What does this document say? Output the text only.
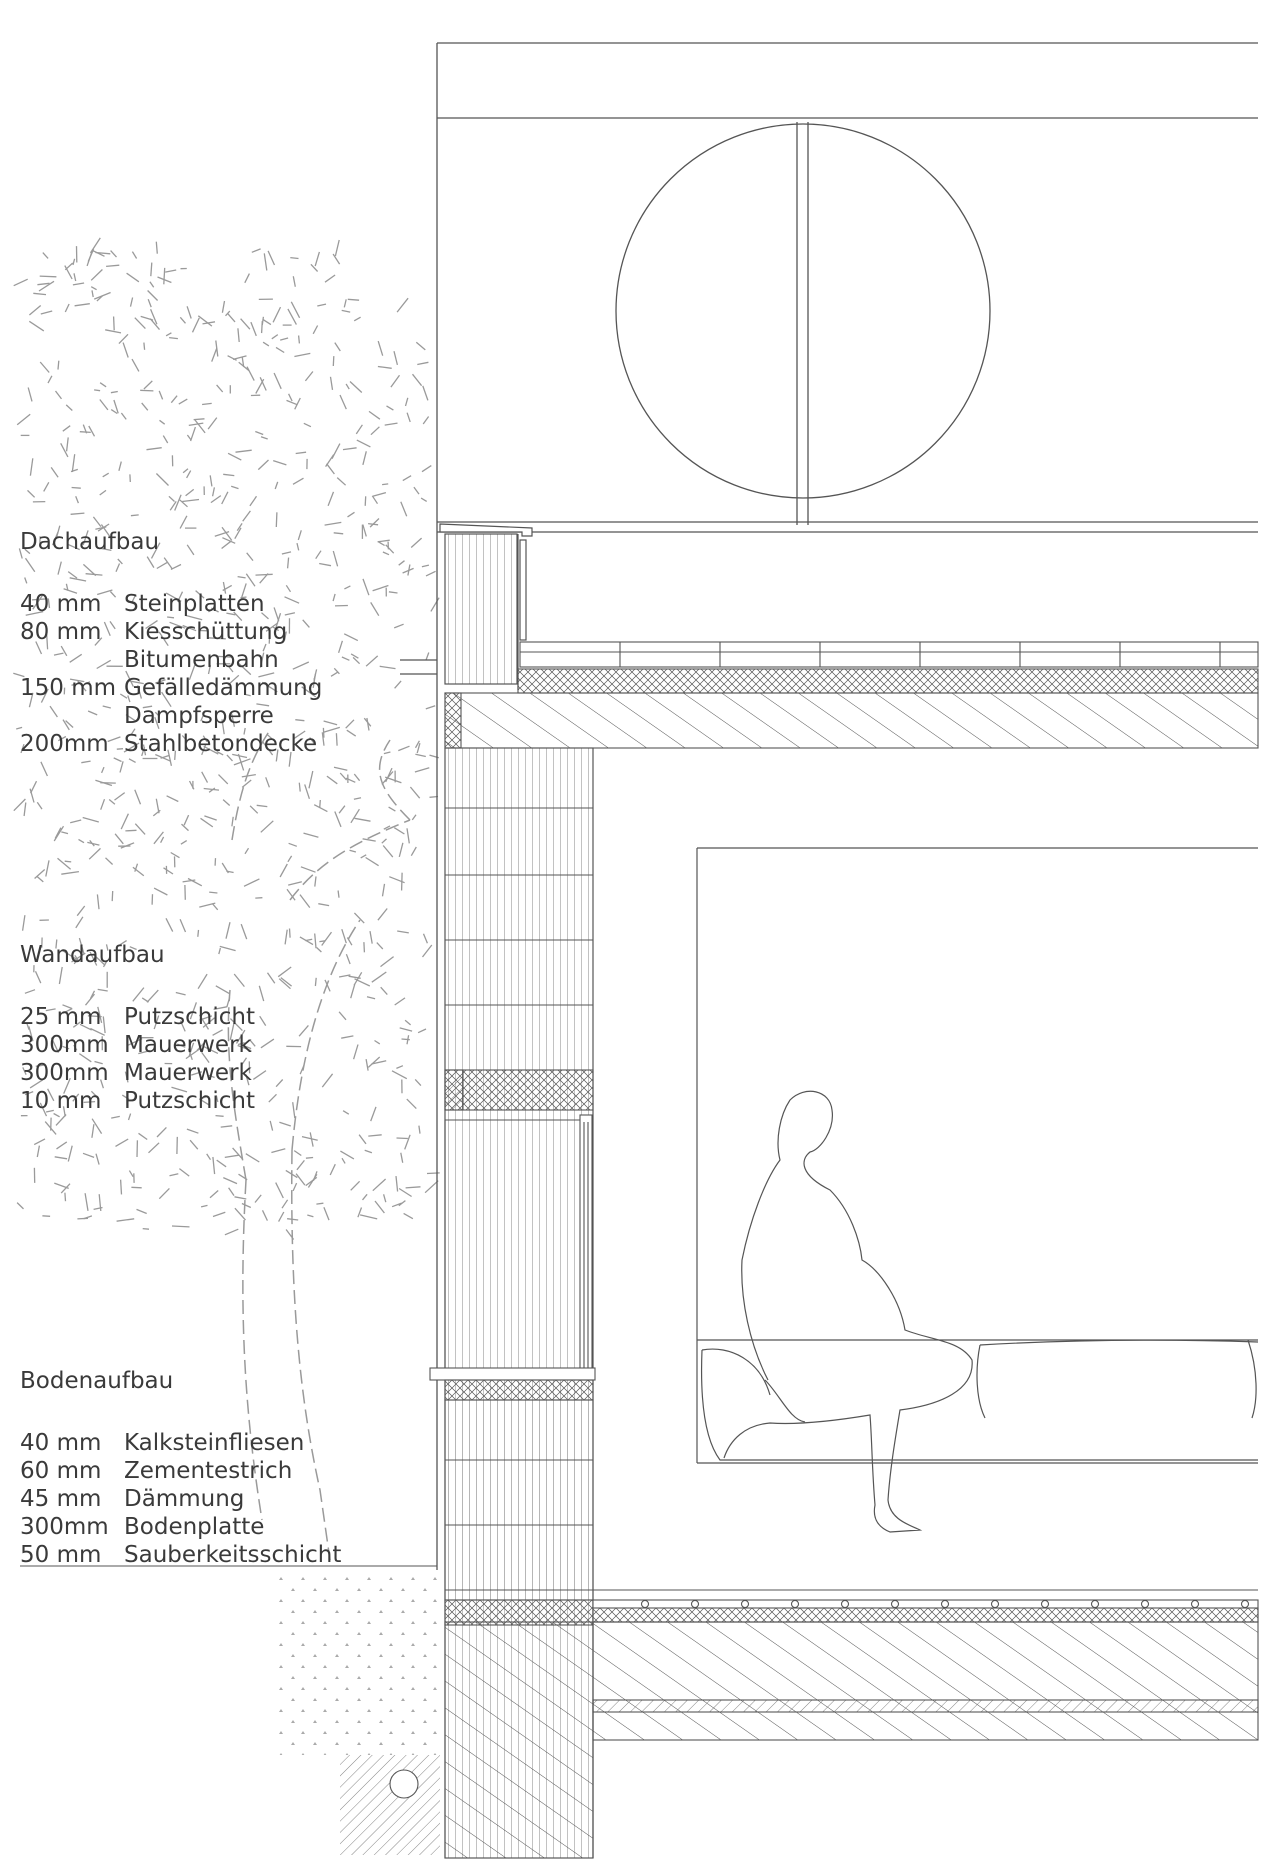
Dachaufbau
40 mm Steinplatten
80 mm Kiesschüttung
Bitumenbahn
150 mm Gefälledämmung
Dampfsperre
200mm Stahlbetondecke
Wandaufbau
25 mm Putzschicht
300mm Mauerwerk
300mm Mauerwerk
10 mm Putzschicht
Bodenaufbau
40 mm Kalksteinfliesen
60 mm Zementestrich
45 mm Dämmung
300mm Bodenplatte
50 mm Sauberkeitsschicht
